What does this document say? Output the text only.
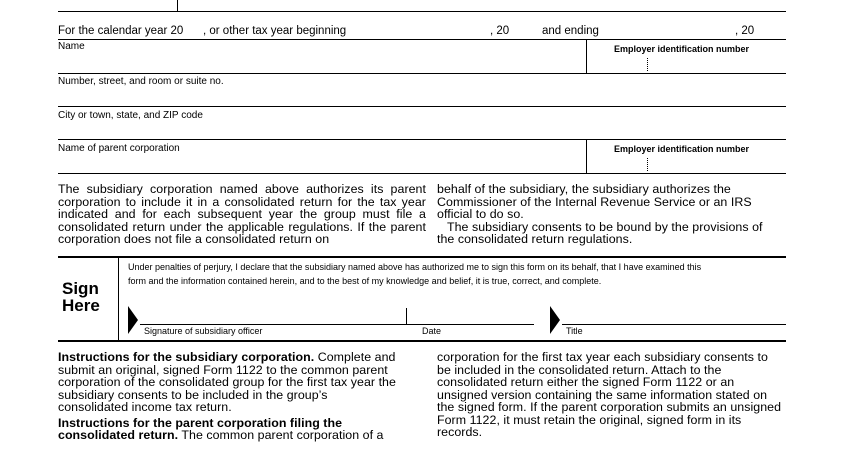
For the calendar year 20 , or other tax year beginning	, 20	and ending	, 20
Name	Employer identification number
Number, street, and room or suite no.
City or town, state, and ZIP code
Name of parent corporation	Employer identification number

The subsidiary corporation named above authorizes its parent corporation to include it in a consolidated return for the tax year indicated and for each subsequent year the group must file a consolidated return under the applicable regulations. If the parent corporation does not file a consolidated return on

behalf of the subsidiary, the subsidiary authorizes the Commissioner of the Internal Revenue Service or an IRS official to do so.

The subsidiary consents to be bound by the provisions of the consolidated return regulations.

Sign
Here
Under penalties of perjury, I declare that the subsidiary named above has authorized me to sign this form on its behalf, that I have examined this
form and the information contained herein, and to the best of my knowledge and belief, it is true, correct, and complete.
Signature of subsidiary officer	Date	Title

Instructions for the subsidiary corporation. Complete and submit an original, signed Form 1122 to the common parent corporation of the consolidated group for the first tax year the subsidiary consents to be included in the group’s consolidated income tax return.

Instructions for the parent corporation filing the consolidated return. The common parent corporation of a

corporation for the first tax year each subsidiary consents to be included in the consolidated return. Attach to the consolidated return either the signed Form 1122 or an unsigned version containing the same information stated on the signed form. If the parent corporation submits an unsigned Form 1122, it must retain the original, signed form in its records.
